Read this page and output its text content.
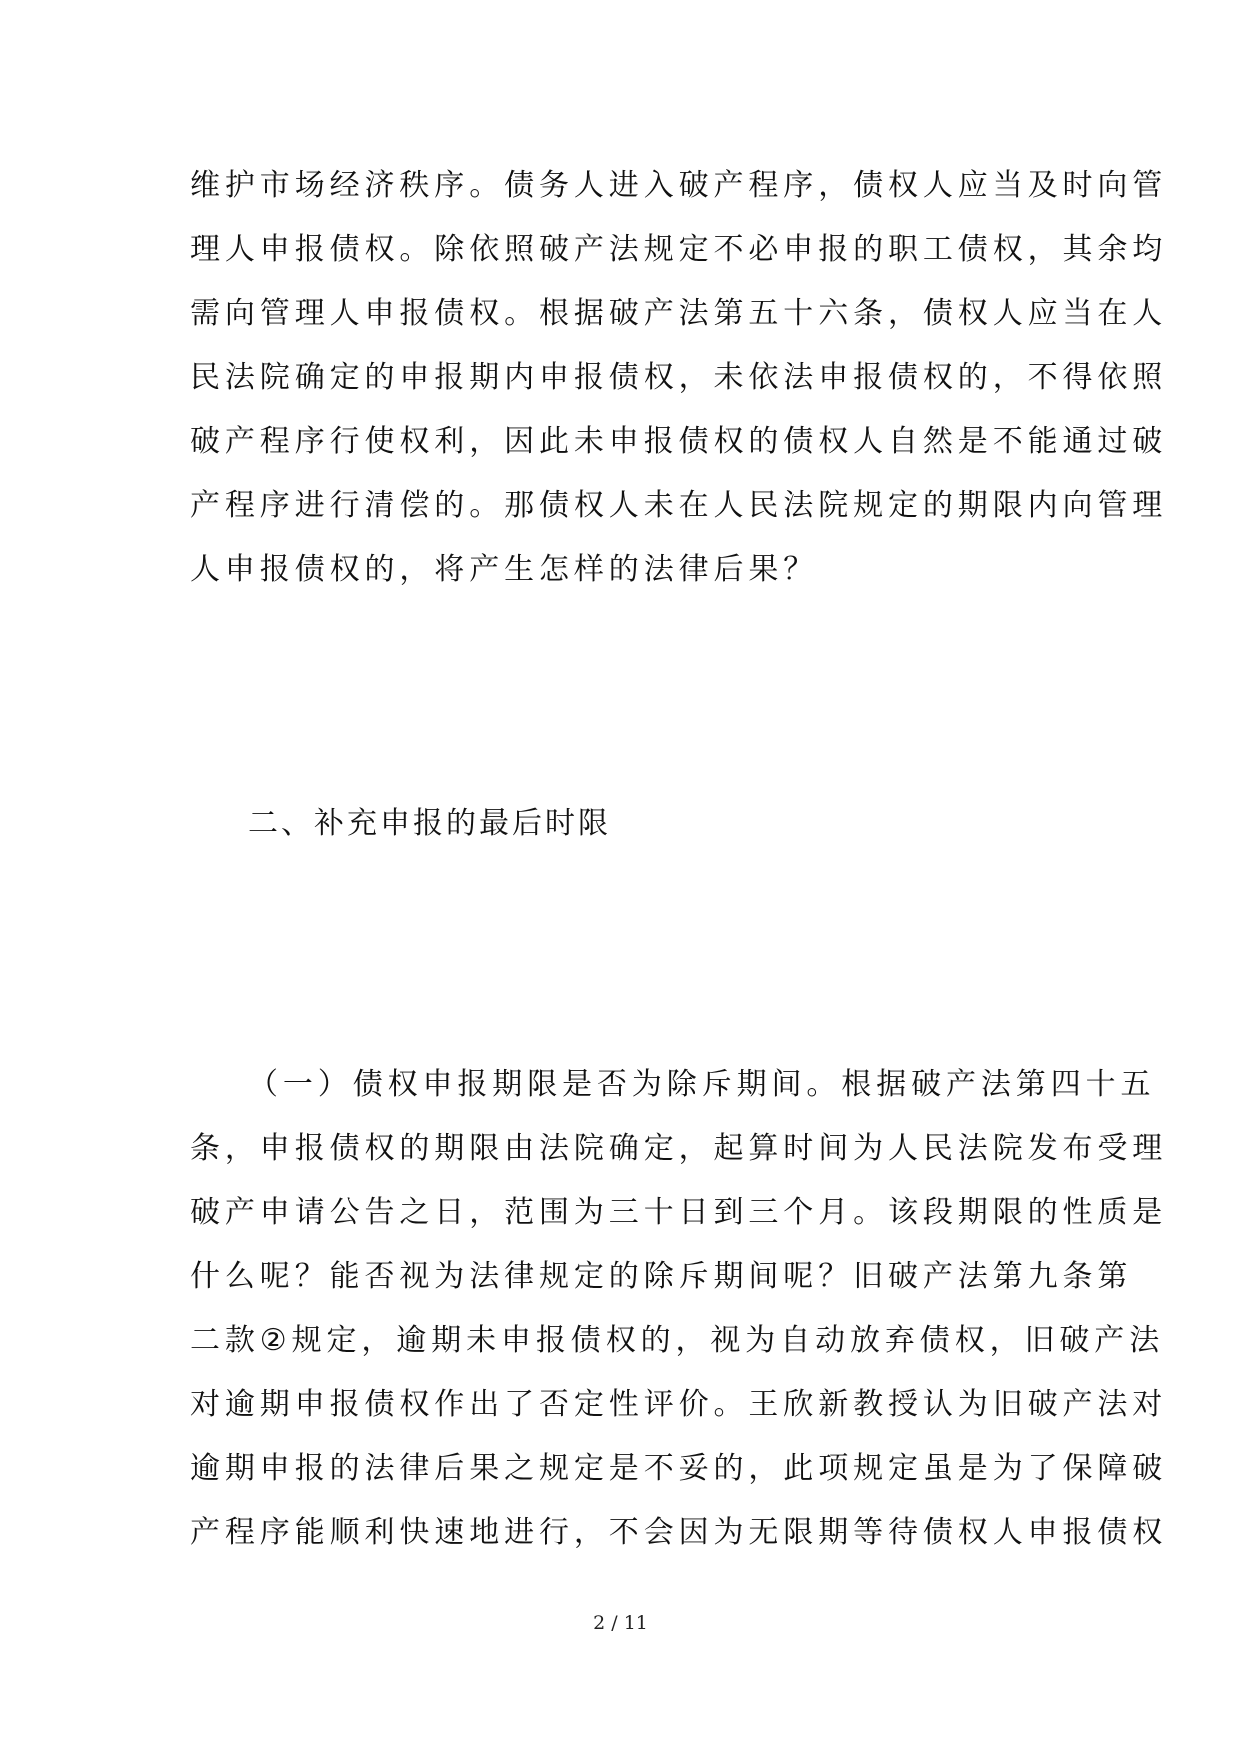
维护市场经济秩序。债务人进入破产程序，债权人应当及时向管
理人申报债权。除依照破产法规定不必申报的职工债权，其余均
需向管理人申报债权。根据破产法第五十六条，债权人应当在人
民法院确定的申报期内申报债权，未依法申报债权的，不得依照
破产程序行使权利，因此未申报债权的债权人自然是不能通过破
产程序进行清偿的。那债权人未在人民法院规定的期限内向管理
人申报债权的，将产生怎样的法律后果？
二、补充申报的最后时限
（一）债权申报期限是否为除斥期间。根据破产法第四十五
条，申报债权的期限由法院确定，起算时间为人民法院发布受理
破产申请公告之日，范围为三十日到三个月。该段期限的性质是
什么呢？能否视为法律规定的除斥期间呢？旧破产法第九条第
二款②规定，逾期未申报债权的，视为自动放弃债权，旧破产法
对逾期申报债权作出了否定性评价。王欣新教授认为旧破产法对
逾期申报的法律后果之规定是不妥的，此项规定虽是为了保障破
产程序能顺利快速地进行，不会因为无限期等待债权人申报债权
2 / 11
